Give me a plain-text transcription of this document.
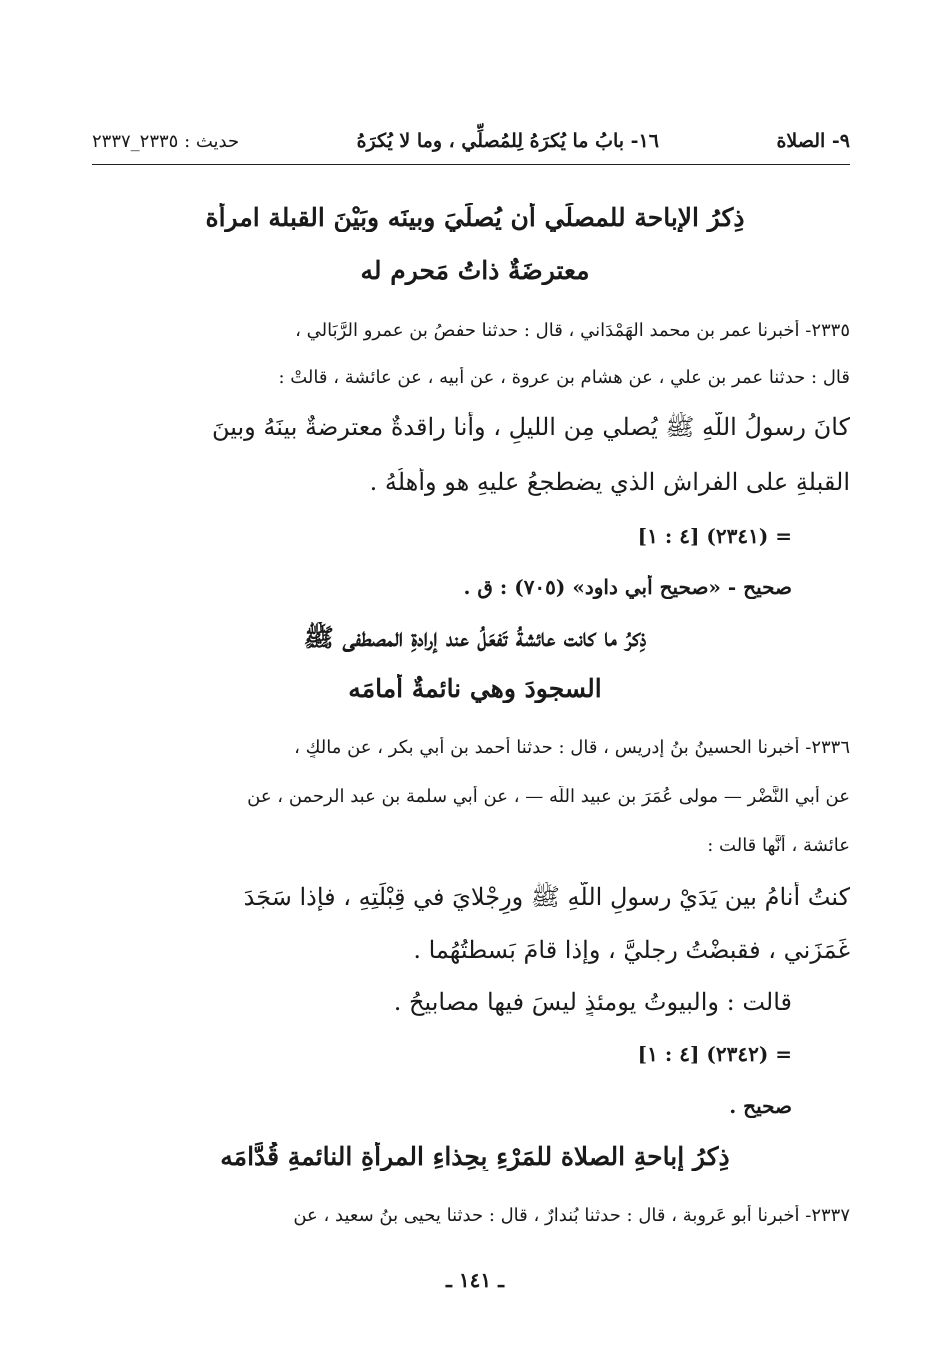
٩- الصلاة
١٦- بابُ ما يُكرَهُ لِلمُصلِّي ، وما لا يُكرَهُ
حديث : ٢٣٣٥_٢٣٣٧
ذِكرُ الإباحة للمصلِّي أن يُصلِّيَ وبينَه وبَيْنَ القبلة امرأة
معترضَةٌ ذاتُ مَحرمٍ له
٢٣٣٥- أخبرنا عمر بن محمد الهَمْدَاني ، قال : حدثنا حفصُ بن عمرو الرَّبَالي ،
قال : حدثنا عمر بن علي ، عن هشام بن عروة ، عن أبيه ، عن عائشة ، قالتْ :
كانَ رسولُ اللَّهِ ﷺ يُصلي مِن الليلِ ، وأنا راقدةٌ معترضةٌ بينَهُ وبينَ
القبلةِ على الفراشِ الذي يضطجعُ عليهِ هو وأهلُهُ .
= (٢٣٤١) [٤ : ١]
صحيح - «صحيح أبي داود» (٧٠٥) : ق .
ذِكرُ ما كانت عائشةُ تَفعَلُ عند إرادةِ المصطفى ﷺ
السجودَ وهي نائمةٌ أمامَه
٢٣٣٦- أخبرنا الحسينُ بنُ إدريس ، قال : حدثنا أحمد بن أبي بكر ، عن مالكٍ ،
عن أبي النَّضْر — مولى عُمَرَ بن عبيد اللَّه — ، عن أبي سلمة بن عبد الرحمن ، عن
عائشة ، أنَّها قالت :
كنتُ أنامُ بين يَدَيْ رسولِ اللَّهِ ﷺ ورِجْلايَ في قِبْلَتِهِ ، فإذا سَجَدَ
غَمَزَني ، فقبضْتُ رِجليَّ ، وإذا قامَ بَسطتُهُما .
قالت : والبيوتُ يومئذٍ ليسَ فيها مصابيحُ .
= (٢٣٤٢) [٤ : ١]
صحيح .
ذِكرُ إباحةِ الصلاة للمَرْءِ بِحِذاءِ المرأةِ النائمةِ قُدَّامَه
٢٣٣٧- أخبرنا أبو عَروبة ، قال : حدثنا بُندارٌ ، قال : حدثنا يحيى بنُ سعيد ، عن
ـ ١٤١ ـ
